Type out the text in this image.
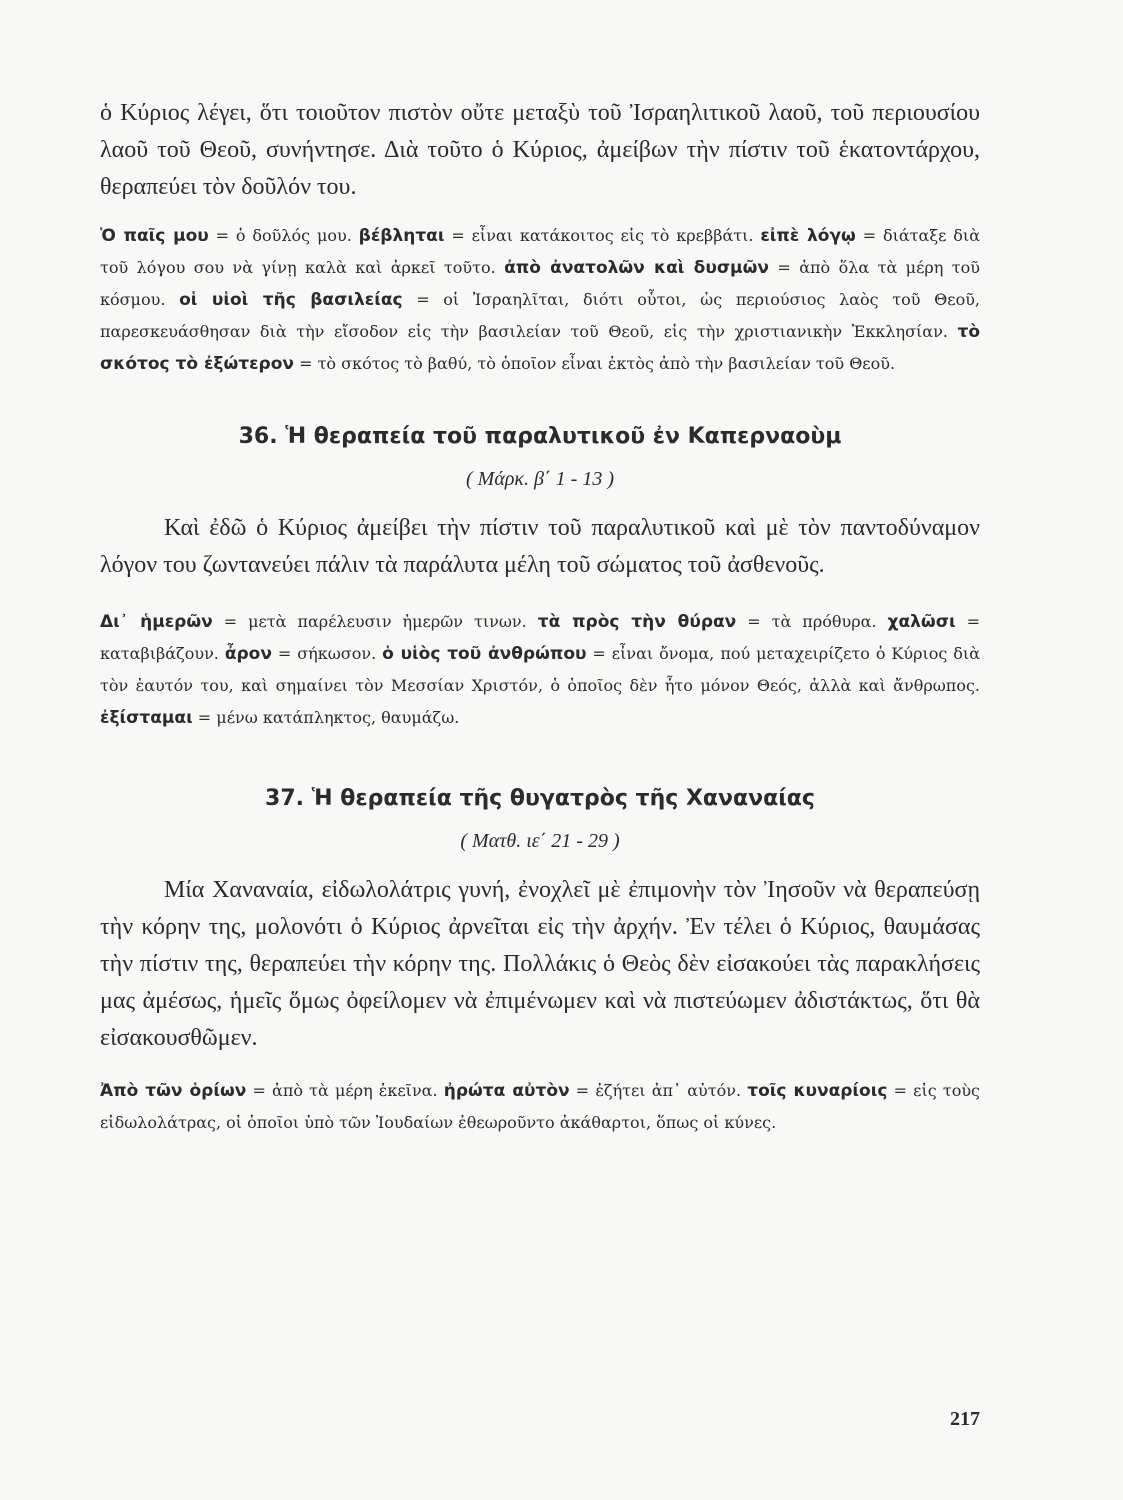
ὁ Κύριος λέγει, ὅτι τοιοῦτον πιστὸν οὔτε μεταξὺ τοῦ Ἰσραηλιτικοῦ λαοῦ, τοῦ περιουσίου λαοῦ τοῦ Θεοῦ, συνήντησε. Διὰ τοῦτο ὁ Κύριος, ἀμείβων τὴν πίστιν τοῦ ἑκατοντάρχου, θεραπεύει τὸν δοῦλόν του.

Ὁ παῖς μου = ὁ δοῦλός μου. βέβληται = εἶναι κατάκοιτος εἰς τὸ κρεββάτι. εἰπὲ λόγῳ = διάταξε διὰ τοῦ λόγου σου νὰ γίνῃ καλὰ καὶ ἀρκεῖ τοῦτο. ἀπὸ ἀνατολῶν καὶ δυσμῶν = ἀπὸ ὅλα τὰ μέρη τοῦ κόσμου. οἱ υἱοὶ τῆς βασιλείας = οἱ Ἰσραηλῖται, διότι οὗτοι, ὡς περιούσιος λαὸς τοῦ Θεοῦ, παρεσκευάσθησαν διὰ τὴν εἴσοδον εἰς τὴν βασιλείαν τοῦ Θεοῦ, εἰς τὴν χριστιανικὴν Ἐκκλησίαν. τὸ σκότος τὸ ἐξώτερον = τὸ σκότος τὸ βαθύ, τὸ ὁποῖον εἶναι ἐκτὸς ἀπὸ τὴν βασιλείαν τοῦ Θεοῦ.

36. Ἡ θεραπεία τοῦ παραλυτικοῦ ἐν Καπερναοὺμ

( Μάρκ. β΄ 1 - 13 )

Καὶ ἐδῶ ὁ Κύριος ἀμείβει τὴν πίστιν τοῦ παραλυτικοῦ καὶ μὲ τὸν παντοδύναμον λόγον του ζωντανεύει πάλιν τὰ παράλυτα μέλη τοῦ σώματος τοῦ ἀσθενοῦς.

Δι᾿ ἡμερῶν = μετὰ παρέλευσιν ἡμερῶν τινων. τὰ πρὸς τὴν θύραν = τὰ πρόθυρα. χαλῶσι = καταβιβάζουν. ἆρον = σήκωσον. ὁ υἱὸς τοῦ ἀνθρώπου = εἶναι ὄνομα, πού μεταχειρίζετο ὁ Κύριος διὰ τὸν ἑαυτόν του, καὶ σημαίνει τὸν Μεσσίαν Χριστόν, ὁ ὁποῖος δὲν ἦτο μόνον Θεός, ἀλλὰ καὶ ἄνθρωπος. ἐξίσταμαι = μένω κατάπληκτος, θαυμάζω.

37. Ἡ θεραπεία τῆς θυγατρὸς τῆς Χαναναίας

( Ματθ. ιε΄ 21 - 29 )

Μία Χαναναία, εἰδωλολάτρις γυνή, ἐνοχλεῖ μὲ ἐπιμονὴν τὸν Ἰησοῦν νὰ θεραπεύσῃ τὴν κόρην της, μολονότι ὁ Κύριος ἀρνεῖται εἰς τὴν ἀρχήν. Ἐν τέλει ὁ Κύριος, θαυμάσας τὴν πίστιν της, θεραπεύει τὴν κόρην της. Πολλάκις ὁ Θεὸς δὲν εἰσακούει τὰς παρακλήσεις μας ἀμέσως, ἡμεῖς ὅμως ὀφείλομεν νὰ ἐπιμένωμεν καὶ νὰ πιστεύωμεν ἀδιστάκτως, ὅτι θὰ εἰσακουσθῶμεν.

Ἀπὸ τῶν ὁρίων = ἀπὸ τὰ μέρη ἐκεῖνα. ἠρώτα αὐτὸν = ἐζήτει ἀπ᾿ αὐτόν. τοῖς κυναρίοις = εἰς τοὺς εἰδωλολάτρας, οἱ ὁποῖοι ὑπὸ τῶν Ἰουδαίων ἐθεωροῦντο ἀκάθαρτοι, ὅπως οἱ κύνες.

217
